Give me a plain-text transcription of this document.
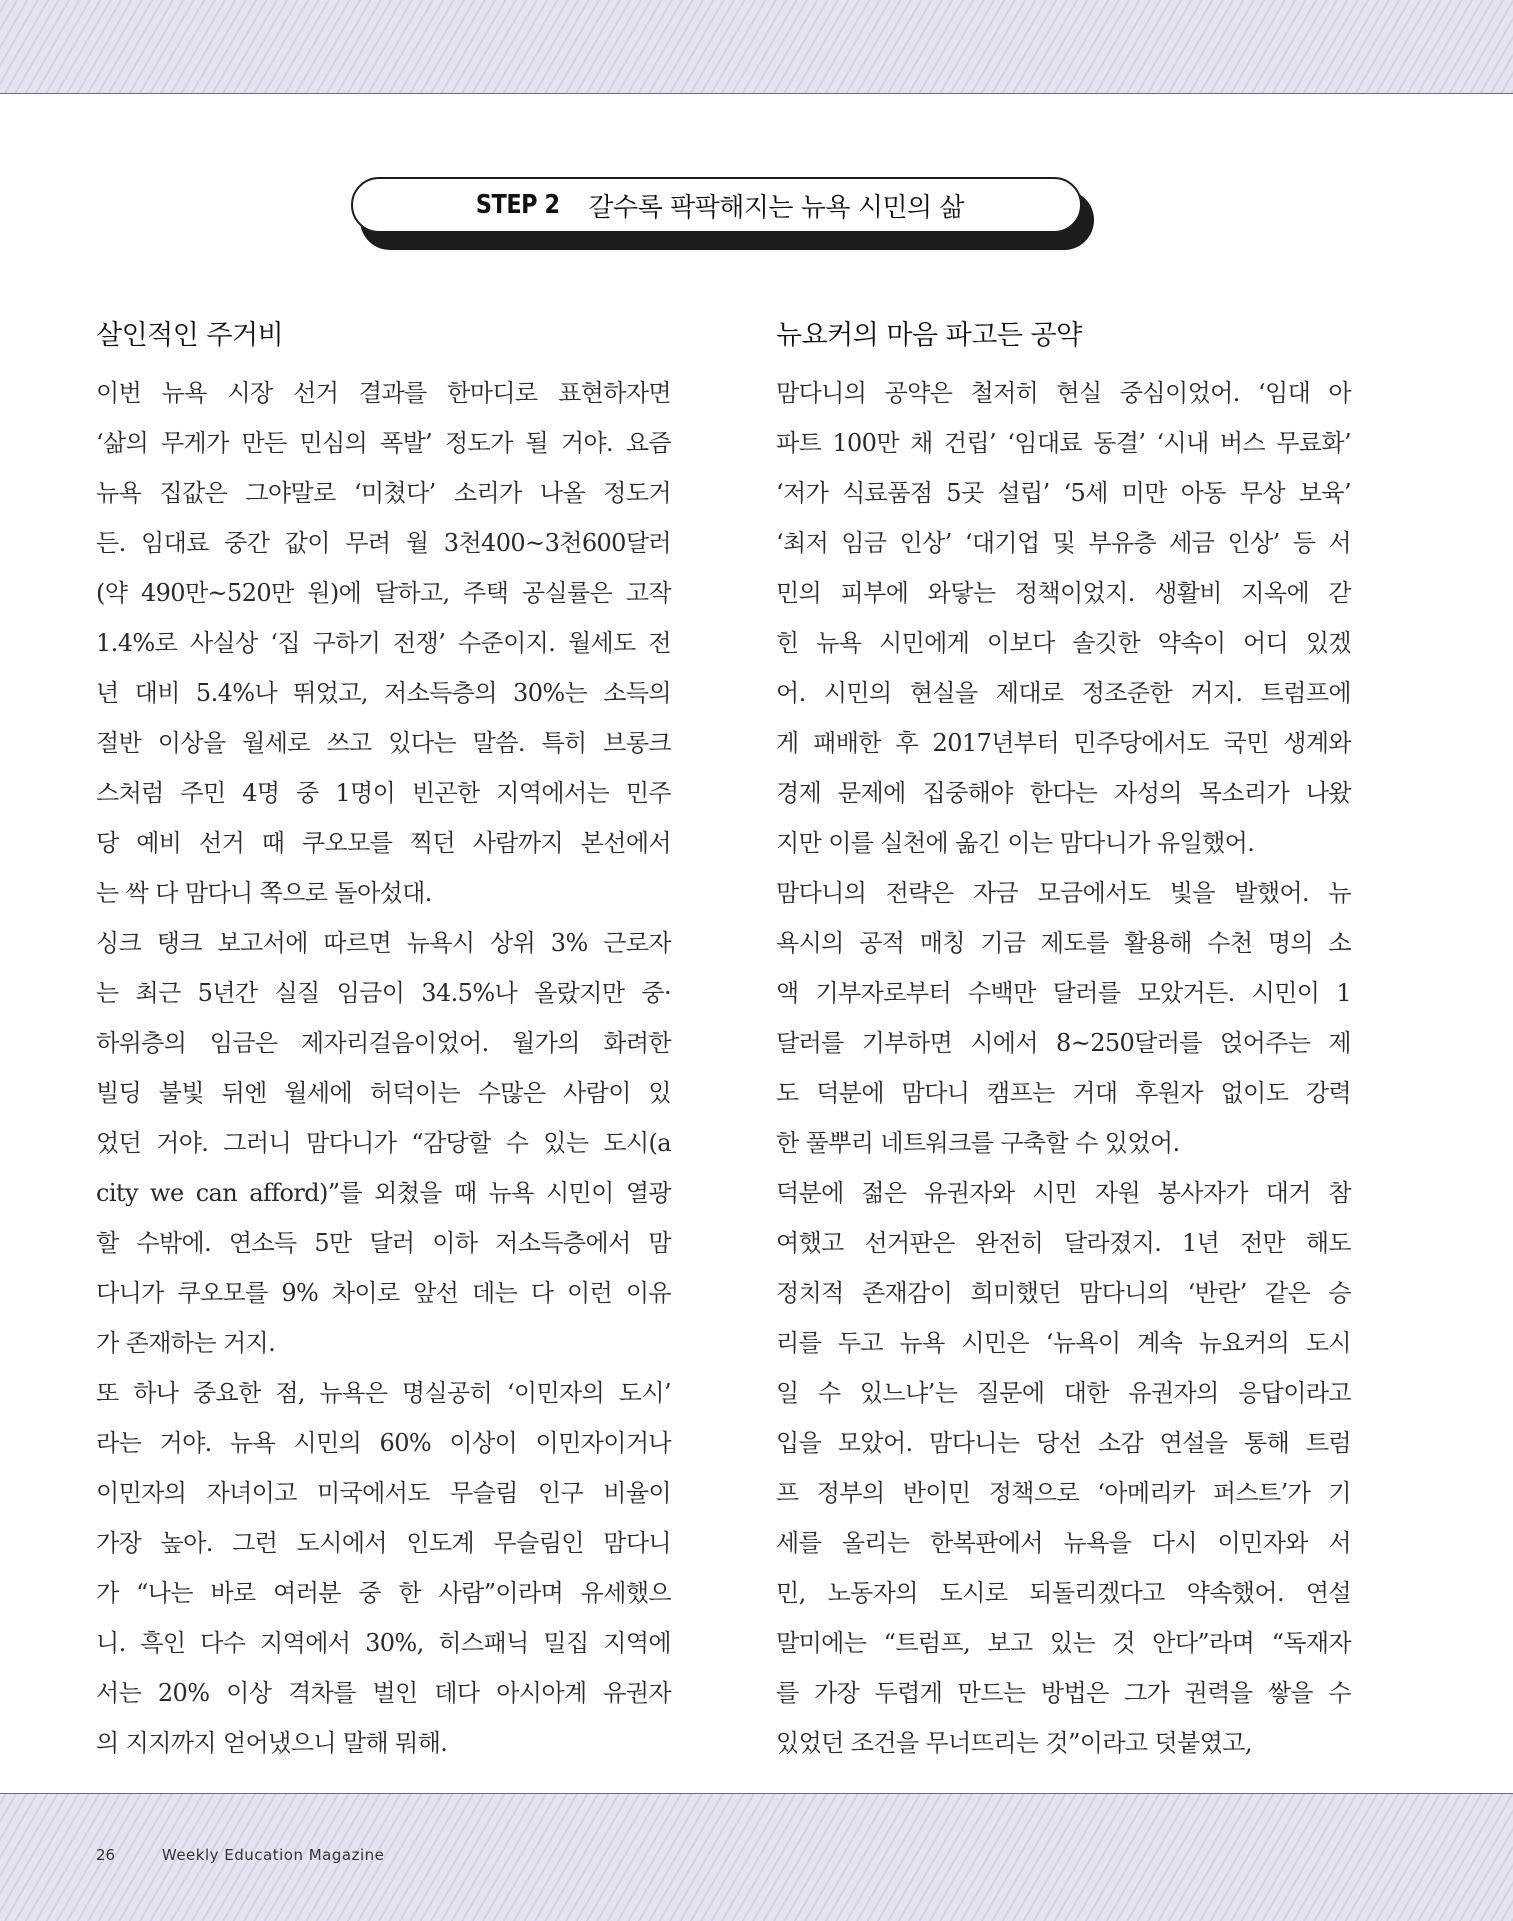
STEP 2 갈수록 팍팍해지는 뉴욕 시민의 삶
살인적인 주거비
이번 뉴욕 시장 선거 결과를 한마디로 표현하자면
‘삶의 무게가 만든 민심의 폭발’ 정도가 될 거야. 요즘
뉴욕 집값은 그야말로 ‘미쳤다’ 소리가 나올 정도거
든. 임대료 중간 값이 무려 월 3천400~3천600달러
(약 490만~520만 원)에 달하고, 주택 공실률은 고작
1.4%로 사실상 ‘집 구하기 전쟁’ 수준이지. 월세도 전
년 대비 5.4%나 뛰었고, 저소득층의 30%는 소득의
절반 이상을 월세로 쓰고 있다는 말씀. 특히 브롱크
스처럼 주민 4명 중 1명이 빈곤한 지역에서는 민주
당 예비 선거 때 쿠오모를 찍던 사람까지 본선에서
는 싹 다 맘다니 쪽으로 돌아섰대.
싱크 탱크 보고서에 따르면 뉴욕시 상위 3% 근로자
는 최근 5년간 실질 임금이 34.5%나 올랐지만 중·
하위층의 임금은 제자리걸음이었어. 월가의 화려한
빌딩 불빛 뒤엔 월세에 허덕이는 수많은 사람이 있
었던 거야. 그러니 맘다니가 “감당할 수 있는 도시(a
city we can afford)”를 외쳤을 때 뉴욕 시민이 열광
할 수밖에. 연소득 5만 달러 이하 저소득층에서 맘
다니가 쿠오모를 9% 차이로 앞선 데는 다 이런 이유
가 존재하는 거지.
또 하나 중요한 점, 뉴욕은 명실공히 ‘이민자의 도시’
라는 거야. 뉴욕 시민의 60% 이상이 이민자이거나
이민자의 자녀이고 미국에서도 무슬림 인구 비율이
가장 높아. 그런 도시에서 인도계 무슬림인 맘다니
가 “나는 바로 여러분 중 한 사람”이라며 유세했으
니. 흑인 다수 지역에서 30%, 히스패닉 밀집 지역에
서는 20% 이상 격차를 벌인 데다 아시아계 유권자
의 지지까지 얻어냈으니 말해 뭐해.
뉴요커의 마음 파고든 공약
맘다니의 공약은 철저히 현실 중심이었어. ‘임대 아
파트 100만 채 건립’ ‘임대료 동결’ ‘시내 버스 무료화’
‘저가 식료품점 5곳 설립’ ‘5세 미만 아동 무상 보육’
‘최저 임금 인상’ ‘대기업 및 부유층 세금 인상’ 등 서
민의 피부에 와닿는 정책이었지. 생활비 지옥에 갇
힌 뉴욕 시민에게 이보다 솔깃한 약속이 어디 있겠
어. 시민의 현실을 제대로 정조준한 거지. 트럼프에
게 패배한 후 2017년부터 민주당에서도 국민 생계와
경제 문제에 집중해야 한다는 자성의 목소리가 나왔
지만 이를 실천에 옮긴 이는 맘다니가 유일했어.
맘다니의 전략은 자금 모금에서도 빛을 발했어. 뉴
욕시의 공적 매칭 기금 제도를 활용해 수천 명의 소
액 기부자로부터 수백만 달러를 모았거든. 시민이 1
달러를 기부하면 시에서 8~250달러를 얹어주는 제
도 덕분에 맘다니 캠프는 거대 후원자 없이도 강력
한 풀뿌리 네트워크를 구축할 수 있었어.
덕분에 젊은 유권자와 시민 자원 봉사자가 대거 참
여했고 선거판은 완전히 달라졌지. 1년 전만 해도
정치적 존재감이 희미했던 맘다니의 ‘반란’ 같은 승
리를 두고 뉴욕 시민은 ‘뉴욕이 계속 뉴요커의 도시
일 수 있느냐’는 질문에 대한 유권자의 응답이라고
입을 모았어. 맘다니는 당선 소감 연설을 통해 트럼
프 정부의 반이민 정책으로 ‘아메리카 퍼스트’가 기
세를 올리는 한복판에서 뉴욕을 다시 이민자와 서
민, 노동자의 도시로 되돌리겠다고 약속했어. 연설
말미에는 “트럼프, 보고 있는 것 안다”라며 “독재자
를 가장 두렵게 만드는 방법은 그가 권력을 쌓을 수
있었던 조건을 무너뜨리는 것”이라고 덧붙였고,
26	Weekly Education Magazine
